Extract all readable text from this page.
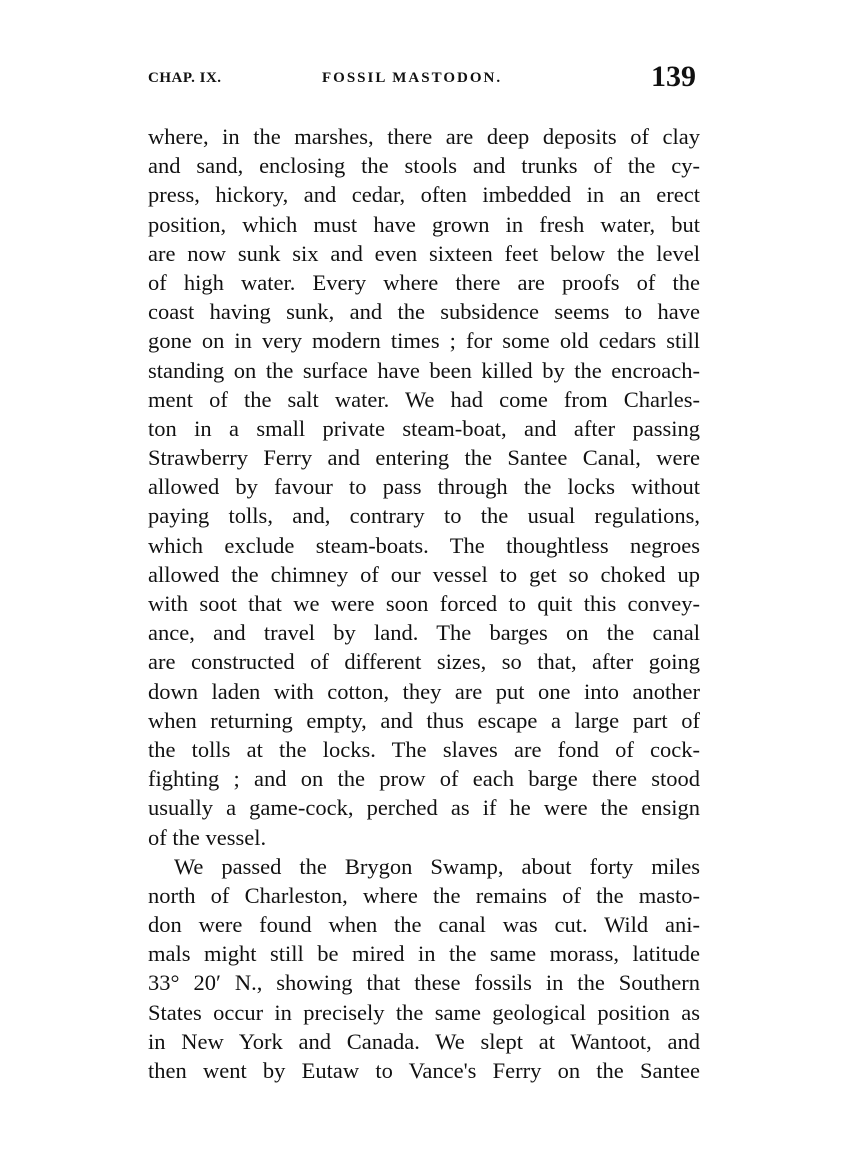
CHAP. IX.	FOSSIL MASTODON.	139
where, in the marshes, there are deep deposits of clay
and sand, enclosing the stools and trunks of the cy-
press, hickory, and cedar, often imbedded in an erect
position, which must have grown in fresh water, but
are now sunk six and even sixteen feet below the level
of high water. Every where there are proofs of the
coast having sunk, and the subsidence seems to have
gone on in very modern times ; for some old cedars still
standing on the surface have been killed by the encroach-
ment of the salt water. We had come from Charles-
ton in a small private steam-boat, and after passing
Strawberry Ferry and entering the Santee Canal, were
allowed by favour to pass through the locks without
paying tolls, and, contrary to the usual regulations,
which exclude steam-boats. The thoughtless negroes
allowed the chimney of our vessel to get so choked up
with soot that we were soon forced to quit this convey-
ance, and travel by land. The barges on the canal
are constructed of different sizes, so that, after going
down laden with cotton, they are put one into another
when returning empty, and thus escape a large part of
the tolls at the locks. The slaves are fond of cock-
fighting ; and on the prow of each barge there stood
usually a game-cock, perched as if he were the ensign
of the vessel.
We passed the Brygon Swamp, about forty miles
north of Charleston, where the remains of the masto-
don were found when the canal was cut. Wild ani-
mals might still be mired in the same morass, latitude
33° 20′ N., showing that these fossils in the Southern
States occur in precisely the same geological position as
in New York and Canada. We slept at Wantoot, and
then went by Eutaw to Vance's Ferry on the Santee
